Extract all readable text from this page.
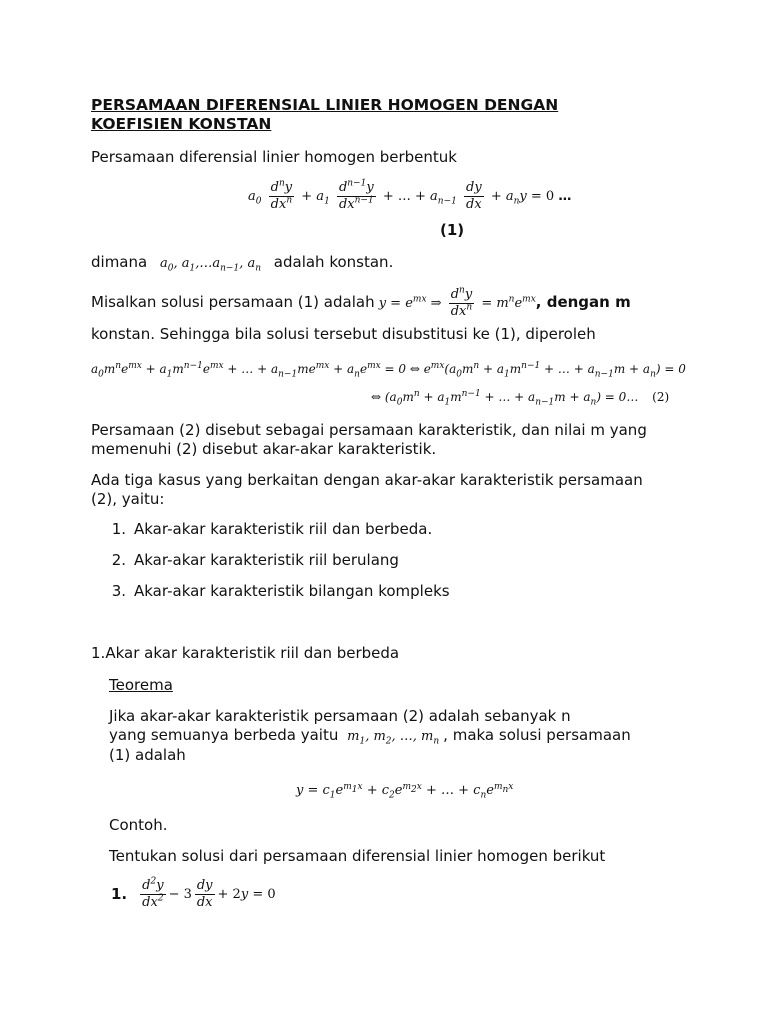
PERSAMAAN DIFERENSIAL LINIER HOMOGEN DENGAN
KOEFISIEN KONSTAN
Persamaan diferensial linier homogen berbentuk
$a_0 \frac{d^ny}{dx^n} + a_1 \frac{d^{n-1}y}{dx^{n-1}}$ + … + $a_{n-1} \frac{dy}{dx} + a_ny = 0$ …
(1)
dimana $a_0$, $a_1,\dots a_{n-1}$, $a_n$ adalah konstan.
Misalkan solusi persamaan (1) adalah $y = e^{mx}$ ⇒ $\frac{d^ny}{dx^n} = m^ne^{mx}$, dengan m
konstan. Sehingga bila solusi tersebut disubstitusi ke (1), diperoleh
$a_0m^ne^{mx} + a_1m^{n-1}e^{mx}$ + … + $a_{n-1}me^{mx} + a_ne^{mx} = 0$ ⇔ $e^{mx}(a_0m^n + a_1m^{n-1}$ + … + $a_{n-1}m + a_n) = 0$
⇔ ($a_0m^n + a_1m^{n-1}$ + … + $a_{n-1}m + a_n$) = 0… (2)
Persamaan (2) disebut sebagai persamaan karakteristik, dan nilai m yang memenuhi (2) disebut akar-akar karakteristik.
Ada tiga kasus yang berkaitan dengan akar-akar karakteristik persamaan (2), yaitu:
1. Akar-akar karakteristik riil dan berbeda.
2. Akar-akar karakteristik riil berulang
3. Akar-akar karakteristik bilangan kompleks
1.Akar akar karakteristik riil dan berbeda
Teorema
Jika akar-akar karakteristik persamaan (2) adalah sebanyak n
yang semuanya berbeda yaitu $m_1$, $m_2$, …, $m_n$ , maka solusi persamaan
(1) adalah
$y = c_1e^{m_1x} + c_2e^{m_2x}$ + … + $c_ne^{m_nx}$
Contoh.
Tentukan solusi dari persamaan diferensial linier homogen berikut
1. $\frac{d^2y}{dx^2} - 3 \frac{dy}{dx} + 2y = 0$
